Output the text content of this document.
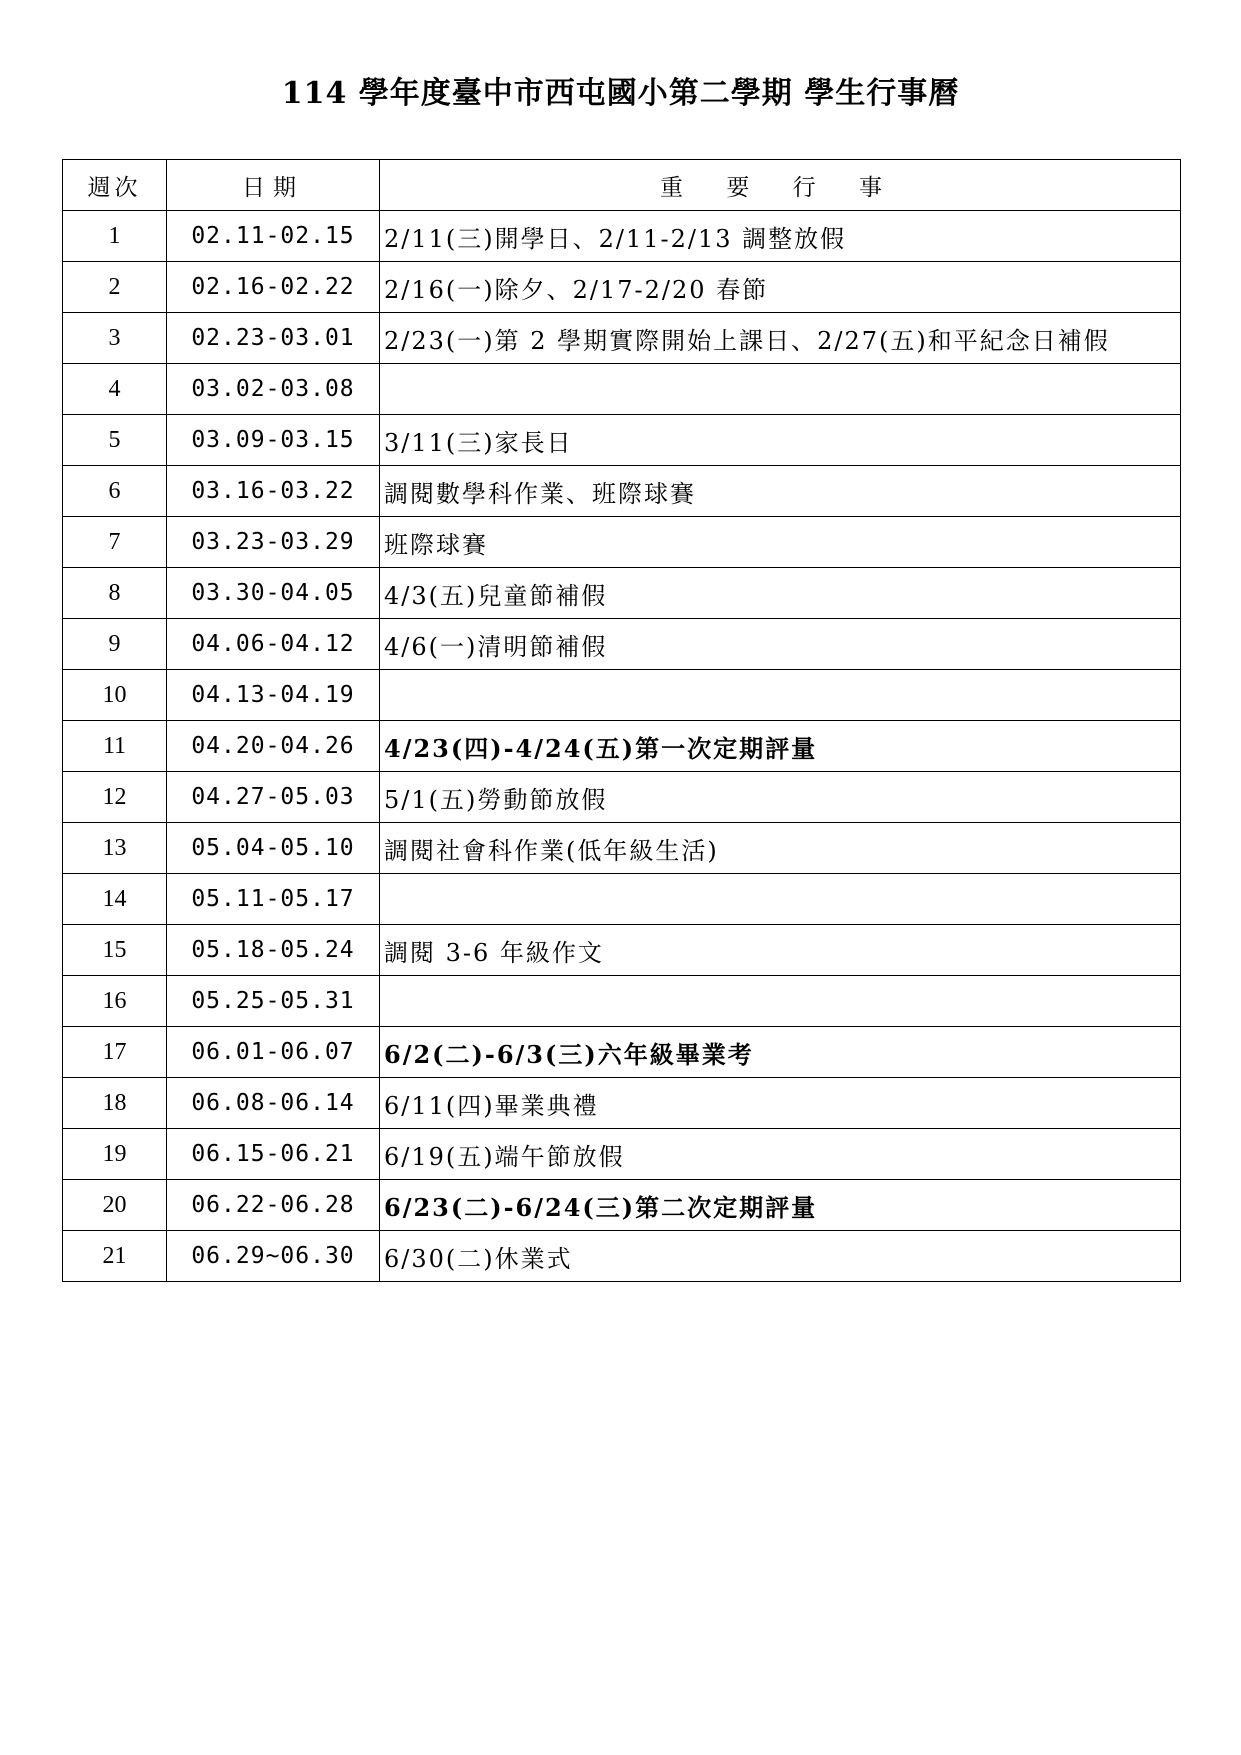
114 學年度臺中市西屯國小第二學期 學生行事曆
週次	日期	重 要 行 事
1	02.11-02.15	2/11(三)開學日、2/11-2/13 調整放假
2	02.16-02.22	2/16(一)除夕、2/17-2/20 春節
3	02.23-03.01	2/23(一)第 2 學期實際開始上課日、2/27(五)和平紀念日補假
4	03.02-03.08	
5	03.09-03.15	3/11(三)家長日
6	03.16-03.22	調閱數學科作業、班際球賽
7	03.23-03.29	班際球賽
8	03.30-04.05	4/3(五)兒童節補假
9	04.06-04.12	4/6(一)清明節補假
10	04.13-04.19	
11	04.20-04.26	4/23(四)-4/24(五)第一次定期評量
12	04.27-05.03	5/1(五)勞動節放假
13	05.04-05.10	調閱社會科作業(低年級生活)
14	05.11-05.17	
15	05.18-05.24	調閱 3-6 年級作文
16	05.25-05.31	
17	06.01-06.07	6/2(二)-6/3(三)六年級畢業考
18	06.08-06.14	6/11(四)畢業典禮
19	06.15-06.21	6/19(五)端午節放假
20	06.22-06.28	6/23(二)-6/24(三)第二次定期評量
21	06.29~06.30	6/30(二)休業式
